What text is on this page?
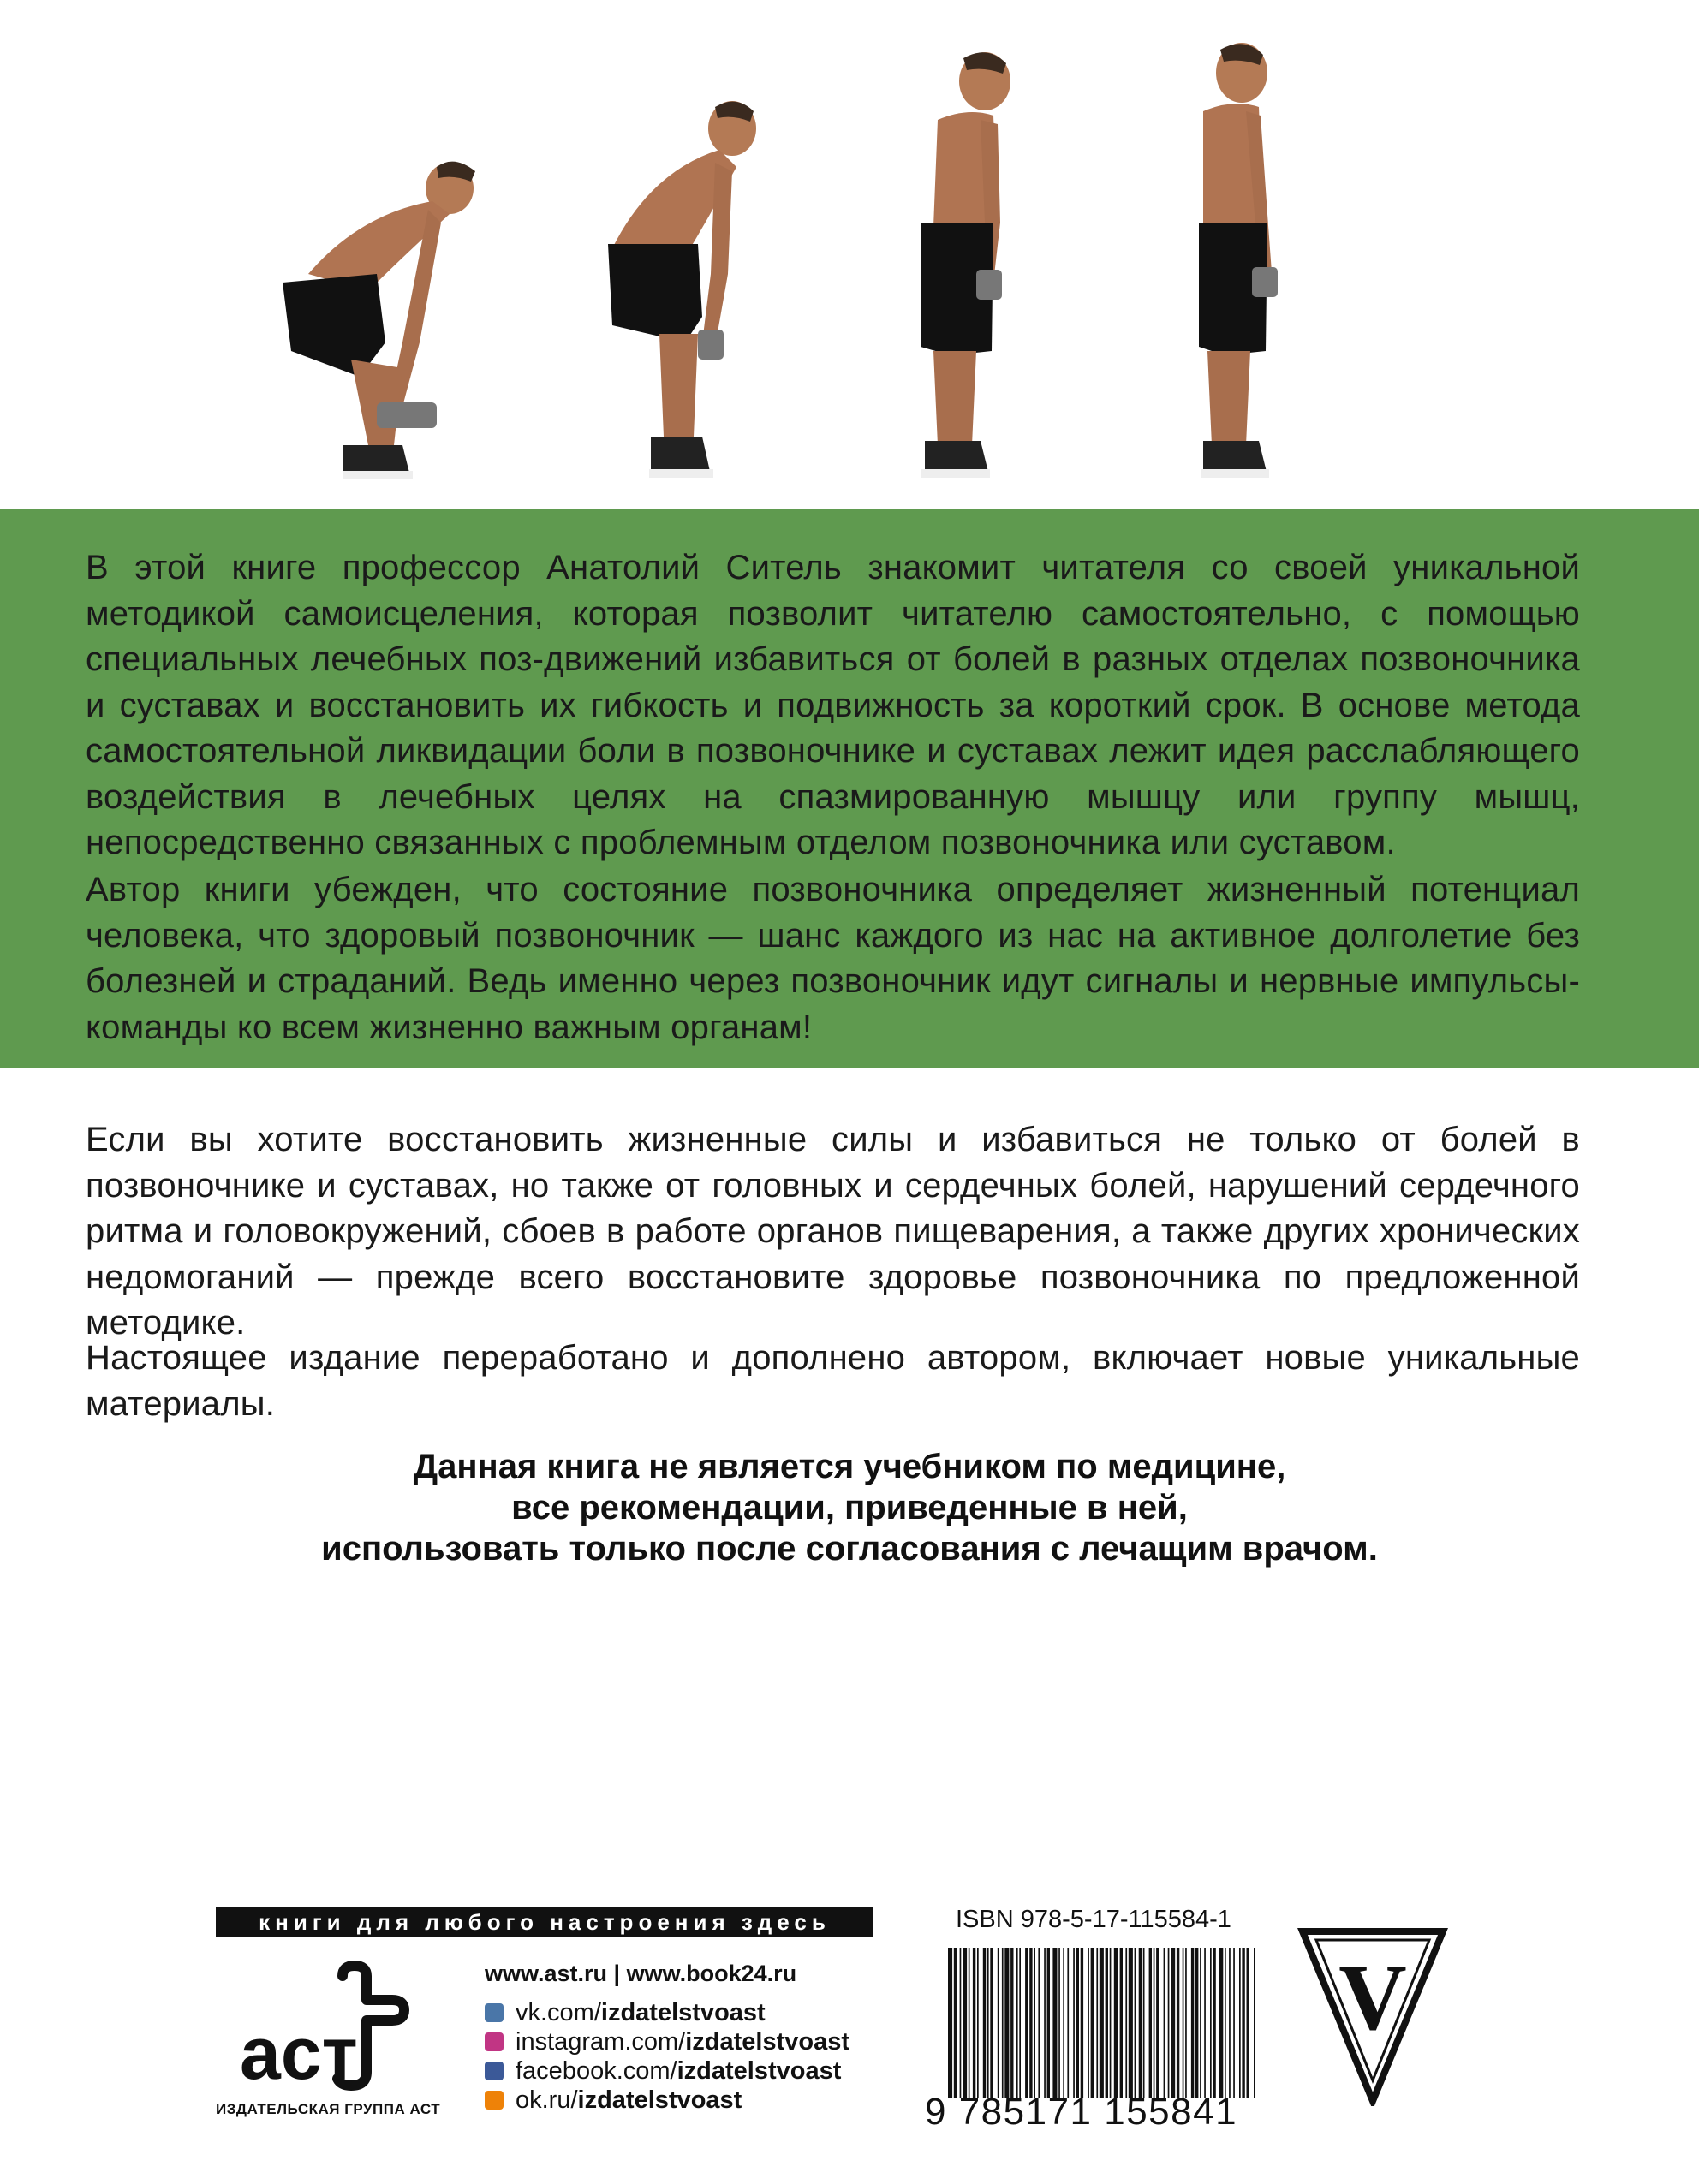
В этой книге профессор Анатолий Ситель знакомит читателя со своей уникальной методикой самоисцеления, которая позволит читателю самостоятельно, с помощью специальных лечебных поз-движений избавиться от болей в разных отделах позвоночника и суставах и восстановить их гибкость и подвижность за короткий срок. В основе метода самостоятельной ликвидации боли в позвоночнике и суставах лежит идея расслабляющего воздействия в лечебных целях на спазмированную мышцу или группу мышц, непосредственно связанных с проблемным отделом позвоночника или суставом.

Автор книги убежден, что состояние позвоночника определяет жизненный потенциал человека, что здоровый позвоночник — шанс каждого из нас на активное долголетие без болезней и страданий. Ведь именно через позвоночник идут сигналы и нервные импульсы-команды ко всем жизненно важным органам!

Если вы хотите восстановить жизненные силы и избавиться не только от болей в позвоночнике и суставах, но также от головных и сердечных болей, нарушений сердечного ритма и головокружений, сбоев в работе органов пищеварения, а также других хронических недомоганий — прежде всего восстановите здоровье позвоночника по предложенной методике.

Настоящее издание переработано и дополнено автором, включает новые уникальные материалы.

Данная книга не является учебником по медицине,
все рекомендации, приведенные в ней,
использовать только после согласования с лечащим врачом.
книги для любого настроения здесь
аст
ИЗДАТЕЛЬСКАЯ ГРУППА АСТ
www.ast.ru | www.book24.ru
vk.com/ izdatelstvoast
instagram.com/ izdatelstvoast
facebook.com/ izdatelstvoast
ok.ru/ izdatelstvoast
ISBN 978-5-17-115584-1
9 785171 155841
V
